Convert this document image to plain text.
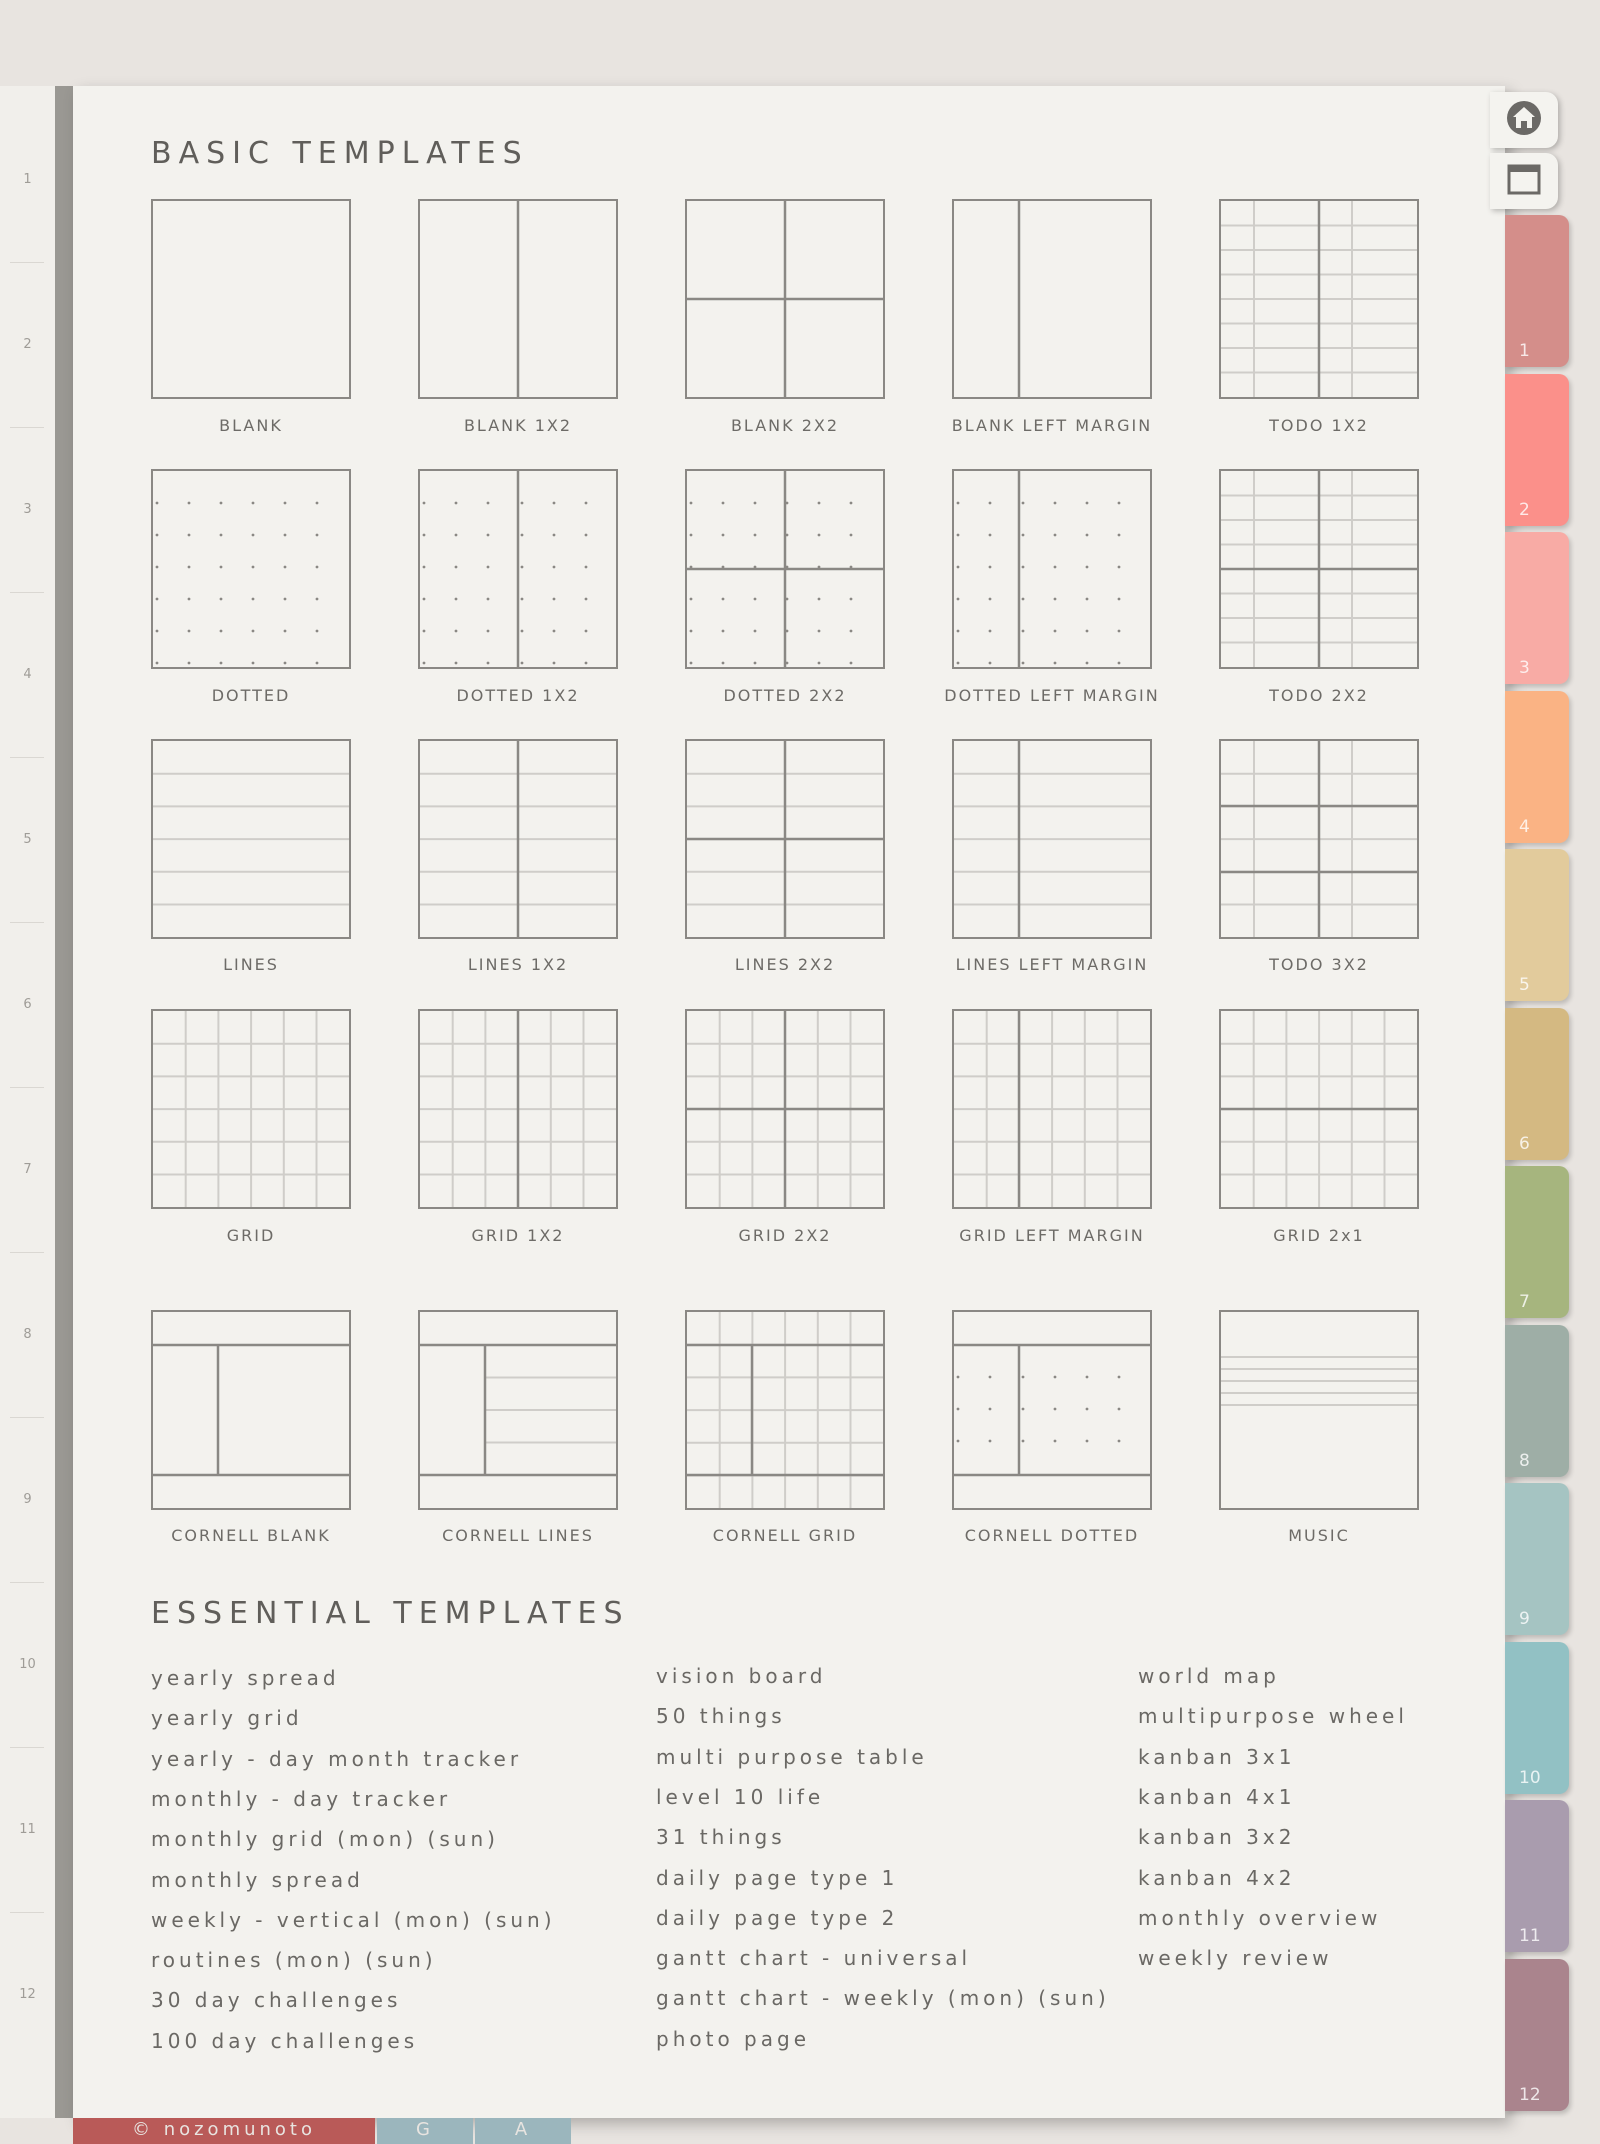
1
2
3
4
5
6
7
8
9
10
11
12
BASIC TEMPLATES
BLANK	BLANK 1X2	BLANK 2X2	BLANK LEFT MARGIN	TODO 1X2
DOTTED	DOTTED 1X2	DOTTED 2X2	DOTTED LEFT MARGIN	TODO 2X2
LINES	LINES 1X2	LINES 2X2	LINES LEFT MARGIN	TODO 3X2
GRID	GRID 1X2	GRID 2X2	GRID LEFT MARGIN	GRID 2x1
CORNELL BLANK	CORNELL LINES	CORNELL GRID	CORNELL DOTTED	MUSIC
ESSENTIAL TEMPLATES
yearly spread
yearly grid
yearly - day month tracker
monthly - day tracker
monthly grid (mon) (sun)
monthly spread
weekly - vertical (mon) (sun)
routines (mon) (sun)
30 day challenges
100 day challenges
vision board
50 things
multi purpose table
level 10 life
31 things
daily page type 1
daily page type 2
gantt chart - universal
gantt chart - weekly (mon) (sun)
photo page
world map
multipurpose wheel
kanban 3x1
kanban 4x1
kanban 3x2
kanban 4x2
monthly overview
weekly review
1
2
3
4
5
6
7
8
9
10
11
12
© nozomunoto	G	A
